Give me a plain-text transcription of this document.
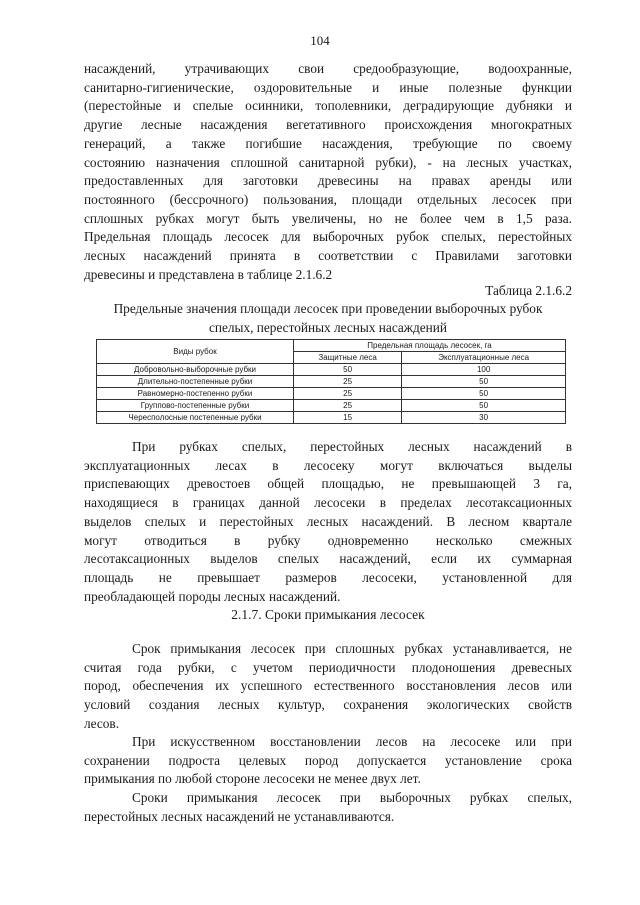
104

насаждений, утрачивающих свои средообразующие, водоохранные,
санитарно-гигиенические, оздоровительные и иные полезные функции
(перестойные и спелые осинники, тополевники, деградирующие дубняки и
другие лесные насаждения вегетативного происхождения многократных
генераций, а также погибшие насаждения, требующие по своему
состоянию назначения сплошной санитарной рубки), - на лесных участках,
предоставленных для заготовки древесины на правах аренды или
постоянного (бессрочного) пользования, площади отдельных лесосек при
сплошных рубках могут быть увеличены, но не более чем в 1,5 раза.
Предельная площадь лесосек для выборочных рубок спелых, перестойных
лесных насаждений принята в соответствии с Правилами заготовки
древесины и представлена в таблице 2.1.6.2

Таблица 2.1.6.2
Предельные значения площади лесосек при проведении выборочных рубок
спелых, перестойных лесных насаждений
Виды рубок	Предельная площадь лесосек, га	
	Защитные леса	Эксплуатационные леса
Добровольно-выборочные рубки	50	100
Длительно-постепенные рубки	25	50
Равномерно-постепенно рубки	25	50
Группово-постепенные рубки	25	50
Чересполосные постепенные рубки	15	30

При рубках спелых, перестойных лесных насаждений в
эксплуатационных лесах в лесосеку могут включаться выделы
приспевающих древостоев общей площадью, не превышающей 3 га,
находящиеся в границах данной лесосеки в пределах лесотаксационных
выделов спелых и перестойных лесных насаждений. В лесном квартале
могут отводиться в рубку одновременно несколько смежных
лесотаксационных выделов спелых насаждений, если их суммарная
площадь не превышает размеров лесосеки, установленной для
преобладающей породы лесных насаждений.

2.1.7. Сроки примыкания лесосек

Срок примыкания лесосек при сплошных рубках устанавливается, не
считая года рубки, с учетом периодичности плодоношения древесных
пород, обеспечения их успешного естественного восстановления лесов или
условий создания лесных культур, сохранения экологических свойств
лесов.

При искусственном восстановлении лесов на лесосеке или при
сохранении подроста целевых пород допускается установление срока
примыкания по любой стороне лесосеки не менее двух лет.

Сроки примыкания лесосек при выборочных рубках спелых,
перестойных лесных насаждений не устанавливаются.
